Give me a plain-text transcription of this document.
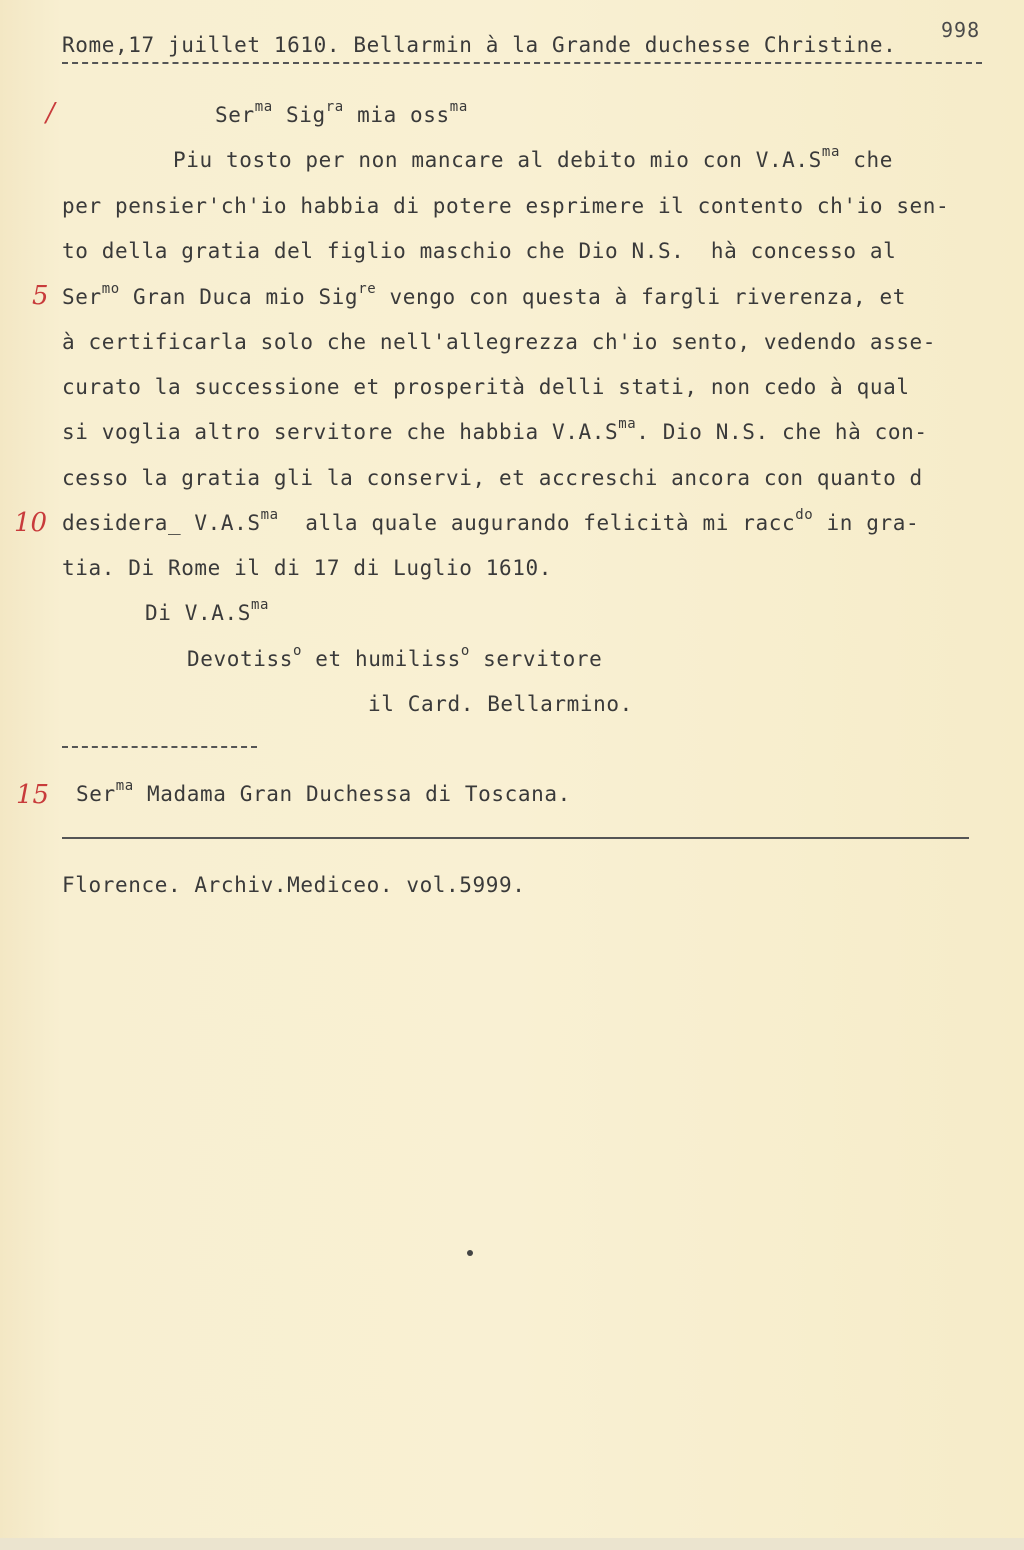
998
Rome,17 juillet 1610. Bellarmin à la Grande duchesse Christine.
/
5
10
15
Ser$^{ma}$ Sig$^{ra}$ mia oss$^{ma}$
Piu tosto per non mancare al debito mio con $V.A.S^{ma}$ che
per pensier'ch'io habbia di potere esprimere il contento ch'io sen-
to della gratia del figlio maschio che Dio N.S.  hà concesso al
Ser$^{mo}$ Gran Duca mio Sig$^{re}$ vengo con questa à fargli riverenza, et
à certificarla solo che nell'allegrezza ch'io sento, vedendo asse-
curato la successione et prosperità delli stati, non cedo à qual
si voglia altro servitore che habbia $V.A.S^{ma}$. Dio N.S. che hà con-
cesso la gratia gli la conservi, et accreschi ancora con quanto d
desidera_ $V.A.S^{ma}$  alla quale augurando felicità mi racc$^{do}$ in gra-
tia. Di Rome il di 17 di Luglio 1610.
Di $V.A.S^{ma}$
Devotiss$^o$ et humiliss$^o$ servitore
il Card. Bellarmino.
Ser$^{ma}$ Madama Gran Duchessa di Toscana.
Florence. Archiv.Mediceo. vol.5999.
